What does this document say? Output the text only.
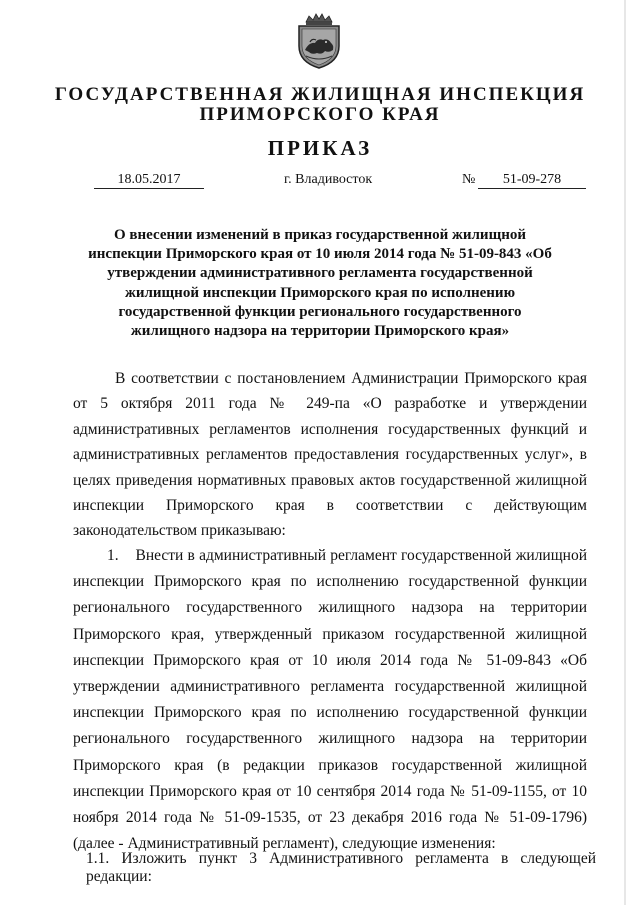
ГОСУДАРСТВЕННАЯ ЖИЛИЩНАЯ ИНСПЕКЦИЯ
ПРИМОРСКОГО КРАЯ
ПРИКАЗ
18.05.2017	г. Владивосток	№	51-09-278
О внесении изменений в приказ государственной жилищной инспекции Приморского края от 10 июля 2014 года № 51-09-843 «Об утверждении административного регламента государственной жилищной инспекции Приморского края по исполнению государственной функции регионального государственного жилищного надзора на территории Приморского края»
В соответствии с постановлением Администрации Приморского края от 5 октября 2011 года № 249-па «О разработке и утверждении административных регламентов исполнения государственных функций и административных регламентов предоставления государственных услуг», в целях приведения нормативных правовых актов государственной жилищной инспекции Приморского края в соответствии с действующим законодательством приказываю:
1.    Внести в административный регламент государственной жилищной инспекции Приморского края по исполнению государственной функции регионального государственного жилищного надзора на территории Приморского края, утвержденный приказом государственной жилищной инспекции Приморского края от 10 июля 2014 года № 51-09-843 «Об утверждении административного регламента государственной жилищной инспекции Приморского края по исполнению государственной функции регионального государственного жилищного надзора на территории Приморского края (в редакции приказов государственной жилищной инспекции Приморского края от 10 сентября 2014 года № 51-09-1155, от 10 ноября 2014 года № 51-09-1535, от 23 декабря 2016 года № 51-09-1796) (далее - Административный регламент), следующие изменения:
1.1. Изложить пункт 3 Административного регламента в следующей редакции:
